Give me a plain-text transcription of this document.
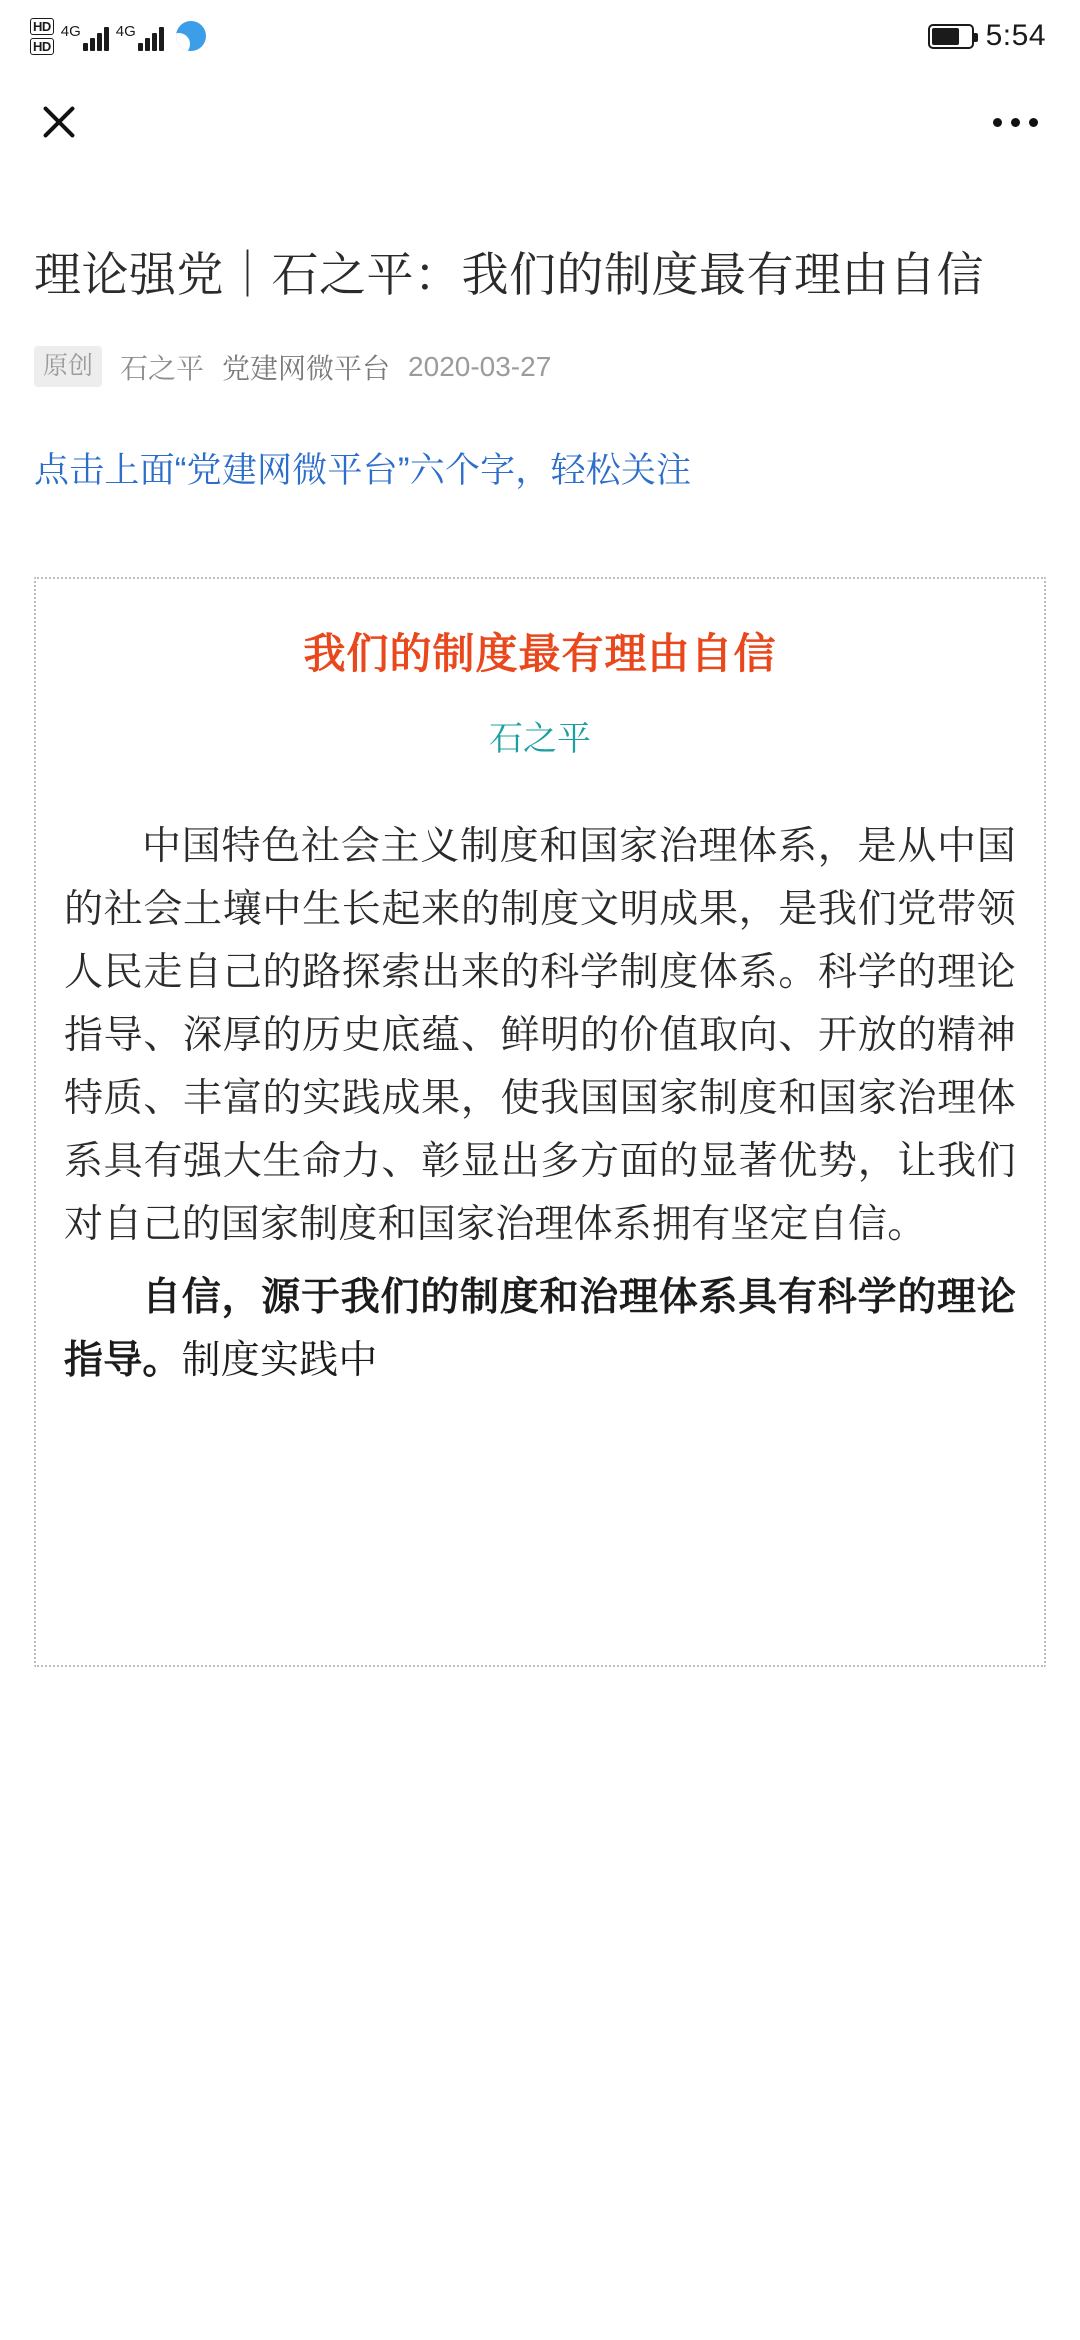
HD
HD
4G 4G	5:54
理论强党｜石之平：我们的制度最有理由自信
原创 石之平 党建网微平台 2020-03-27
点击上面“党建网微平台”六个字，轻松关注
我们的制度最有理由自信
石之平

中国特色社会主义制度和国家治理体系，是从中国的社会土壤中生长起来的制度文明成果，是我们党带领人民走自己的路探索出来的科学制度体系。科学的理论指导、深厚的历史底蕴、鲜明的价值取向、开放的精神特质、丰富的实践成果，使我国国家制度和国家治理体系具有强大生命力、彰显出多方面的显著优势，让我们对自己的国家制度和国家治理体系拥有坚定自信。

自信，源于我们的制度和治理体系具有科学的理论指导。制度实践中
